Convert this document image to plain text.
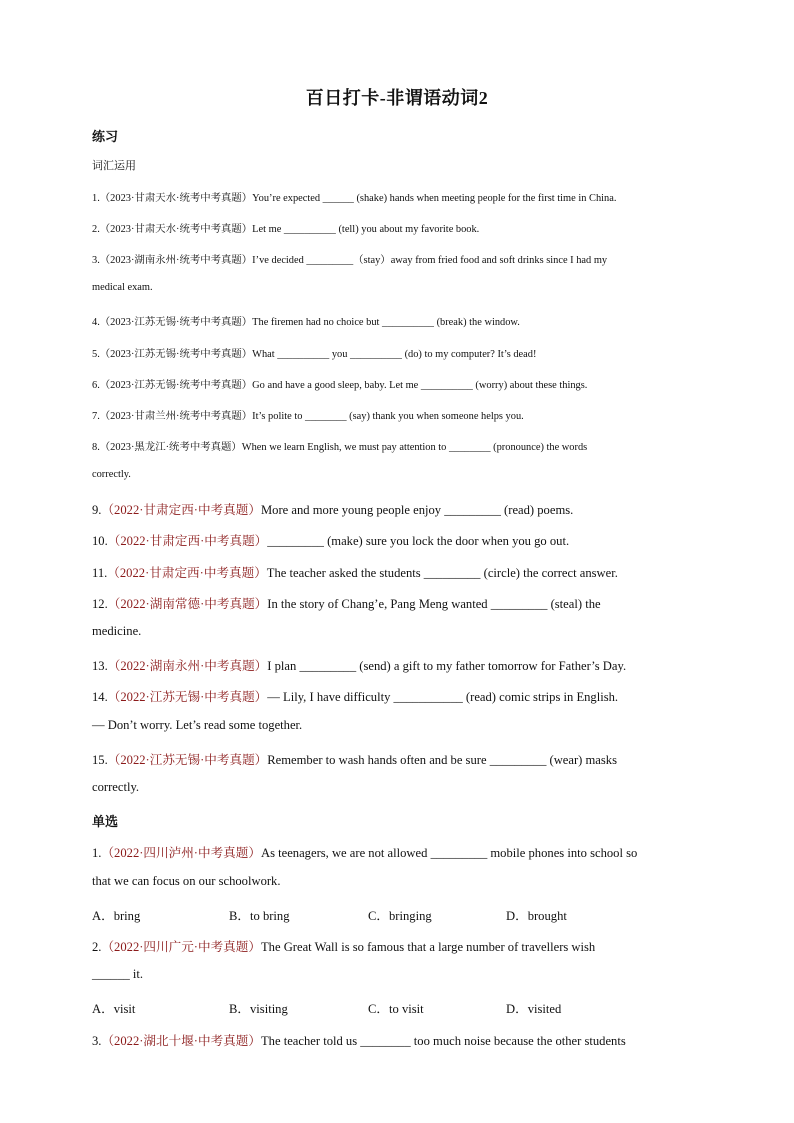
百日打卡-非谓语动词2
练习
词汇运用
1.（2023·甘肃天水·统考中考真题）You’re expected ______ (shake) hands when meeting people for the first time in China.
2.（2023·甘肃天水·统考中考真题）Let me __________ (tell) you about my favorite book.
3.（2023·湖南永州·统考中考真题）I’ve decided _________（stay）away from fried food and soft drinks since I had my
medical exam.
4.（2023·江苏无锡·统考中考真题）The firemen had no choice but __________ (break) the window.
5.（2023·江苏无锡·统考中考真题）What __________ you __________ (do) to my computer? It’s dead!
6.（2023·江苏无锡·统考中考真题）Go and have a good sleep, baby. Let me __________ (worry) about these things.
7.（2023·甘肃兰州·统考中考真题）It’s polite to ________ (say) thank you when someone helps you.
8.（2023·黑龙江·统考中考真题）When we learn English, we must pay attention to ________ (pronounce) the words
correctly.
9.（2022·甘肃定西·中考真题）More and more young people enjoy _________ (read) poems.
10.（2022·甘肃定西·中考真题）_________ (make) sure you lock the door when you go out.
11.（2022·甘肃定西·中考真题）The teacher asked the students _________ (circle) the correct answer.
12.（2022·湖南常德·中考真题）In the story of Chang’e, Pang Meng wanted _________ (steal) the
medicine.
13.（2022·湖南永州·中考真题）I plan _________ (send) a gift to my father tomorrow for Father’s Day.
14.（2022·江苏无锡·中考真题）— Lily, I have difficulty ___________ (read) comic strips in English.
— Don’t worry. Let’s read some together.
15.（2022·江苏无锡·中考真题）Remember to wash hands often and be sure _________ (wear) masks
correctly.
单选
1.（2022·四川泸州·中考真题）As teenagers, we are not allowed _________ mobile phones into school so
that we can focus on our schoolwork.
A．bring	B．to bring	C．bringing	D．brought
2.（2022·四川广元·中考真题）The Great Wall is so famous that a large number of travellers wish
______ it.
A．visit	B．visiting	C．to visit	D．visited
3.（2022·湖北十堰·中考真题）The teacher told us ________ too much noise because the other students
